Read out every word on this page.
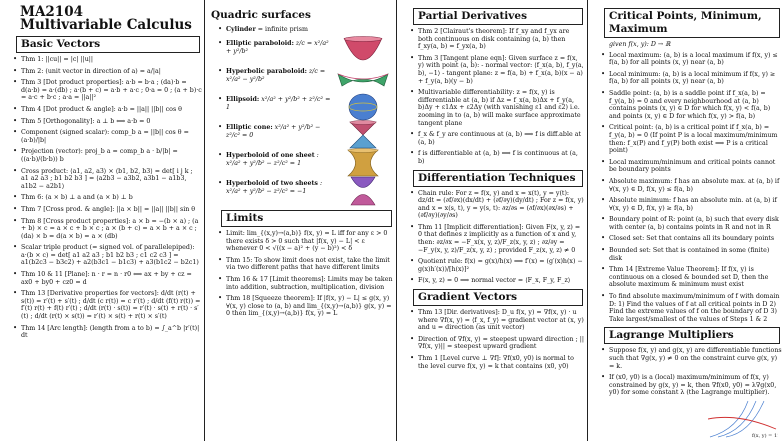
MA2104
Multivariable Calculus
Basic Vectors
• Thm 1: ||cu|| = |c| ||u||
• Thm 2: (unit vector in direction of a) = a/|a|
• Thm 3 [Dot product properties]: a·b = b·a ; (da)·b = d(a·b) = a·(db) ; a·(b + c) = a·b + a·c ; 0·a = 0 ; (a + b)·c = a·c + b·c ; a·a = ||a||²
• Thm 4 [Dot product & angle]: a·b = ||a|| ||b|| cos θ
• Thm 5 [Orthogonality]: a ⊥ b ⟺ a·b = 0
• Component (signed scalar): comp_b a = ||b|| cos θ = (a·b)/|b|
• Projection (vector): proj_b a = comp_b a · b/|b| = ((a·b)/(b·b)) b
• Cross product: ⟨a1, a2, a3⟩ × ⟨b1, b2, b3⟩ = det[ i j k ; a1 a2 a3 ; b1 b2 b3 ] = ⟨a2b3 − a3b2, a3b1 − a1b3, a1b2 − a2b1⟩
• Thm 6: (a × b) ⊥ a and (a × b) ⊥ b
• Thm 7 [Cross prod. & angle]: ||a × b|| = ||a|| ||b|| sin θ
• Thm 8 [Cross product properties]: a × b = −(b × a) ; (a + b) × c = a × c + b × c ; a × (b + c) = a × b + a × c ; (da) × b = d(a × b) = a × (db)
• Scalar triple product (= signed vol. of parallelepiped): a·(b × c) = det[ a1 a2 a3 ; b1 b2 b3 ; c1 c2 c3 ] = a1(b2c3 − b3c2) + a2(b3c1 − b1c3) + a3(b1c2 − b2c1)
• Thm 10 & 11 [Plane]: n · r = n · r0 ⟺ ax + by + cz = ax0 + by0 + cz0 = d
• Thm 13 [Derivative properties for vectors]: d/dt (r(t) + s(t)) = r′(t) + s′(t) ; d/dt (c r(t)) = c r′(t) ; d/dt (f(t) r(t)) = f′(t) r(t) + f(t) r′(t) ; d/dt (r(t) · s(t)) = r′(t) · s(t) + r(t) · s′(t) ; d/dt (r(t) × s(t)) = r′(t) × s(t) + r(t) × s′(t)
• Thm 14 [Arc length]: (length from a to b) = ∫_a^b |r′(t)| dt
Quadric surfaces
• Cylinder = infinite prism
• Elliptic paraboloid: z/c = x²/a² + y²/b²
• Hyperbolic paraboloid: z/c = x²/a² − y²/b²
• Ellipsoid: x²/a² + y²/b² + z²/c² = 1
• Elliptic cone: x²/a² + y²/b² − z²/c² = 0
• Hyperboloid of one sheet : x²/a² + y²/b² − z²/c² = 1
• Hyperboloid of two sheets : x²/a² + y²/b² − z²/c² = −1
Limits
• Limit: lim_{(x,y)→(a,b)} f(x, y) = L iff for any ε > 0 there exists δ > 0 such that |f(x, y) − L| < ε whenever 0 < √((x − a)² + (y − b)²) < δ
• Thm 15: To show limit does not exist, take the limit via two different paths that have different limits
• Thm 16 & 17 [Limit theorems]: Limits may be taken into addition, subtraction, multiplication, division
• Thm 18 [Squeeze theorem]: If |f(x, y) − L| ≤ g(x, y) ∀(x, y) close to (a, b) and lim_{(x,y)→(a,b)} g(x, y) = 0 then lim_{(x,y)→(a,b)} f(x, y) = L
Partial Derivatives
• Thm 2 [Clairaut's theorem]: If f_xy and f_yx are both continuous on disk containing (a, b) then f_xy(a, b) = f_yx(a, b)
• Thm 3 [Tangent plane eqn]: Given surface z = f(x, y) with point (a, b): - normal vector: ⟨f_x(a, b), f_y(a, b), −1⟩ - tangent plane: z = f(a, b) + f_x(a, b)(x − a) + f_y(a, b)(y − b)
• Multivariable differentiability: z = f(x, y) is differentiable at (a, b) if Δz = f_x(a, b)Δx + f_y(a, b)Δy + ε1Δx + ε2Δy (with vanishing ε1 and ε2) i.e. zooming in to (a, b) will make surface approximate tangent plane
• f_x & f_y are continuous at (a, b) ⟹ f is diff.able at (a, b)
• f is differentiable at (a, b) ⟹ f is continuous at (a, b)
Differentiation Techniques
• Chain rule: For z = f(x, y) and x = x(t), y = y(t): dz/dt = (∂f/∂x)(dx/dt) + (∂f/∂y)(dy/dt) ; For z = f(x, y) and x = x(s, t), y = y(s, t): ∂z/∂s = (∂f/∂x)(∂x/∂s) + (∂f/∂y)(∂y/∂s)
• Thm 11 [Implicit differentiation]: Given F(x, y, z) = 0 that defines z implicitly as a function of x and y, then: ∂z/∂x = −F_x(x, y, z)/F_z(x, y, z) ; ∂z/∂y = −F_y(x, y, z)/F_z(x, y, z) ; provided F_z(x, y, z) ≠ 0
• Quotient rule: f(x) = g(x)/h(x) ⟹ f′(x) = (g′(x)h(x) − g(x)h′(x))/[h(x)]²
• F(x, y, z) = 0 ⟹ normal vector = ⟨F_x, F_y, F_z⟩
Gradient Vectors
• Thm 13 [Dir. derivatives]: D_u f(x, y) = ∇f(x, y) · u where ∇f(x, y) = ⟨f_x, f_y⟩ = gradient vector at (x, y) and u = direction (as unit vector)
• Direction of ∇f(x, y) = steepest upward direction ; ||∇f(x, y)|| = steepest upward gradient
• Thm 1 [Level curve ⊥ ∇f]: ∇f(x0, y0) is normal to the level curve f(x, y) = k that contains (x0, y0)
Critical Points, Minimum, Maximum
given f(x, y): D → ℝ
• Local maximum: (a, b) is a local maximum if f(x, y) ≤ f(a, b) for all points (x, y) near (a, b)
• Local minimum: (a, b) is a local minimum if f(x, y) ≥ f(a, b) for all points (x, y) near (a, b)
• Saddle point: (a, b) is a saddle point if f_x(a, b) = f_y(a, b) = 0 and every neighbourhood at (a, b) contains points (x, y) ∈ D for which f(x, y) < f(a, b) and points (x, y) ∈ D for which f(x, y) > f(a, b)
• Critical point: (a, b) is a critical point if f_x(a, b) = f_y(a, b) = 0 (If point P is a local maximum/minimum then: f_x(P) and f_y(P) both exist ⟹ P is a critical point)
• Local maximum/minimum and critical points cannot be boundary points
• Absolute maximum: f has an absolute max. at (a, b) if ∀(x, y) ∈ D, f(x, y) ≤ f(a, b)
• Absolute minimum: f has an absolute min. at (a, b) if ∀(x, y) ∈ D, f(x, y) ≥ f(a, b)
• Boundary point of R: point (a, b) such that every disk with center (a, b) contains points in R and not in R
• Closed set: Set that contains all its boundary points
• Bounded set: Set that is contained in some (finite) disk
• Thm 14 [Extreme Value Theorem]: If f(x, y) is continuous on a closed & bounded set D, then the absolute maximum & minimum must exist
• To find absolute maximum/minimum of f with domain D: 1) Find the values of f at all critical points in D 2) Find the extreme values of f on the boundary of D 3) Take largest/smallest of the values of Steps 1 & 2
Lagrange Multipliers
• Suppose f(x, y) and g(x, y) are differentiable functions such that ∇g(x, y) ≠ 0 on the constraint curve g(x, y) = k.
• If (x0, y0) is a (local) maximum/minimum of f(x, y) constrained by g(x, y) = k, then ∇f(x0, y0) = λ∇g(x0, y0) for some constant λ (the Lagrange multiplier).
f(x, y) = 11
